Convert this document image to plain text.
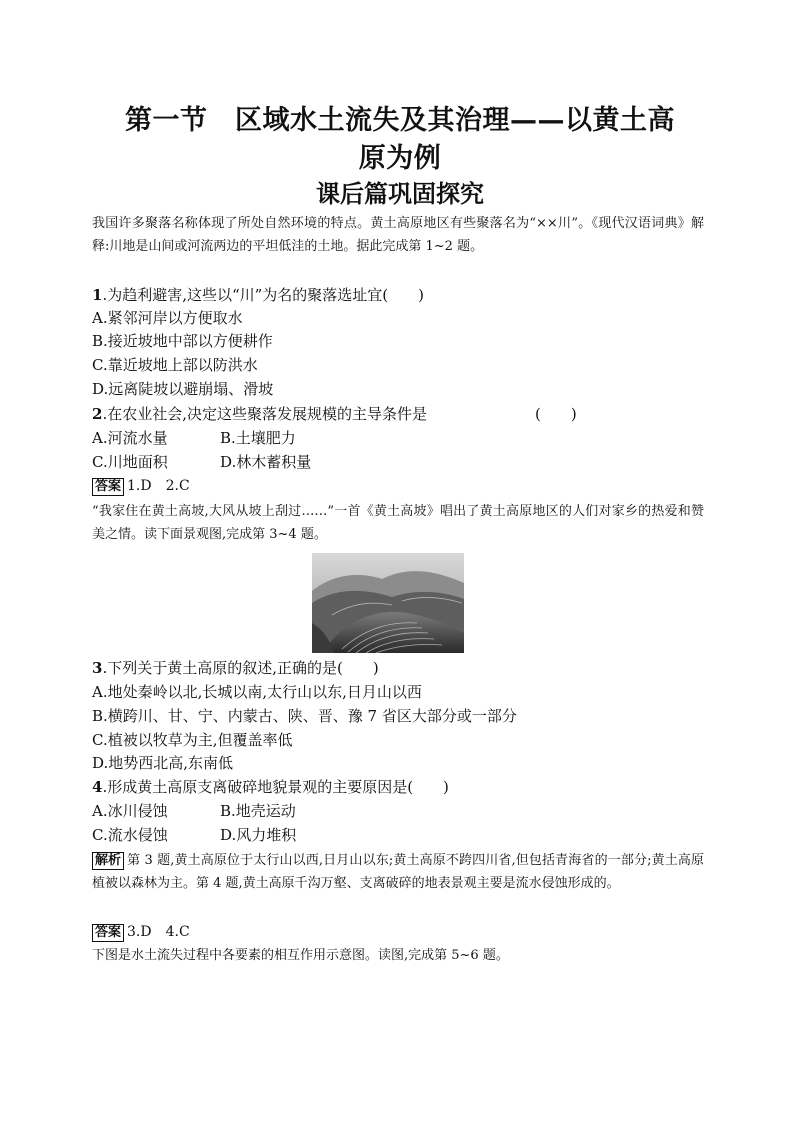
第一节　区域水土流失及其治理——以黄土高
原为例
课后篇巩固探究
我国许多聚落名称体现了所处自然环境的特点。黄土高原地区有些聚落名为“××川”。《现代汉语词典》解释:川地是山间或河流两边的平坦低洼的土地。据此完成第 1~2 题。
1.为趋利避害,这些以“川”为名的聚落选址宜(　　)
A.紧邻河岸以方便取水
B.接近坡地中部以方便耕作
C.靠近坡地上部以防洪水
D.远离陡坡以避崩塌、滑坡
2.在农业社会,决定这些聚落发展规模的主导条件是	(　　)
A.河流水量	B.土壤肥力
C.川地面积	D.林木蓄积量
答案 1.D　2.C
“我家住在黄土高坡,大风从坡上刮过……”一首《黄土高坡》唱出了黄土高原地区的人们对家乡的热爱和赞美之情。读下面景观图,完成第 3~4 题。
3.下列关于黄土高原的叙述,正确的是(　　)
A.地处秦岭以北,长城以南,太行山以东,日月山以西
B.横跨川、甘、宁、内蒙古、陕、晋、豫 7 省区大部分或一部分
C.植被以牧草为主,但覆盖率低
D.地势西北高,东南低
4.形成黄土高原支离破碎地貌景观的主要原因是(　　)
A.冰川侵蚀	B.地壳运动
C.流水侵蚀	D.风力堆积
解析 第 3 题,黄土高原位于太行山以西,日月山以东;黄土高原不跨四川省,但包括青海省的一部分;黄土高原植被以森林为主。第 4 题,黄土高原千沟万壑、支离破碎的地表景观主要是流水侵蚀形成的。
答案 3.D　4.C
下图是水土流失过程中各要素的相互作用示意图。读图,完成第 5~6 题。
